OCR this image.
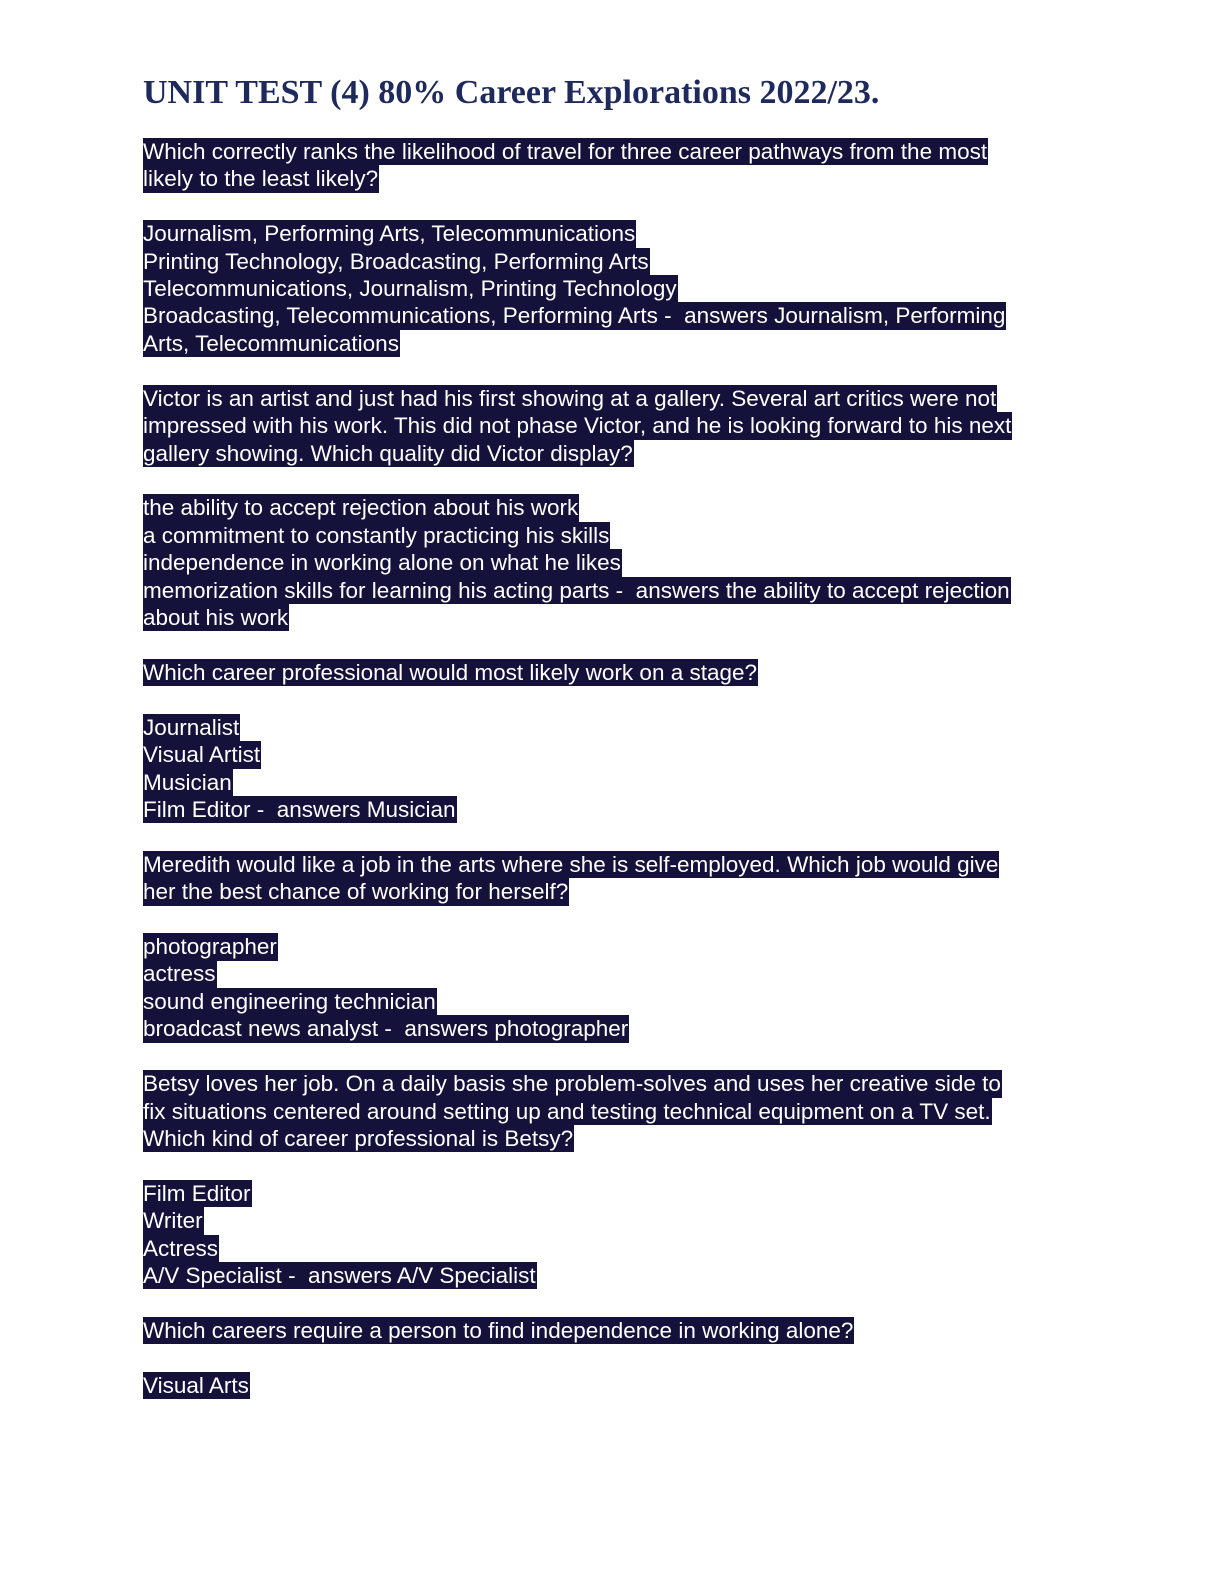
UNIT TEST (4) 80% Career Explorations 2022/23.
Which correctly ranks the likelihood of travel for three career pathways from the most
likely to the least likely?
Journalism, Performing Arts, Telecommunications
Printing Technology, Broadcasting, Performing Arts
Telecommunications, Journalism, Printing Technology
Broadcasting, Telecommunications, Performing Arts -  answers Journalism, Performing
Arts, Telecommunications
Victor is an artist and just had his first showing at a gallery. Several art critics were not
impressed with his work. This did not phase Victor, and he is looking forward to his next
gallery showing. Which quality did Victor display?
the ability to accept rejection about his work
a commitment to constantly practicing his skills
independence in working alone on what he likes
memorization skills for learning his acting parts -  answers the ability to accept rejection
about his work
Which career professional would most likely work on a stage?
Journalist
Visual Artist
Musician
Film Editor -  answers Musician
Meredith would like a job in the arts where she is self-employed. Which job would give
her the best chance of working for herself?
photographer
actress
sound engineering technician
broadcast news analyst -  answers photographer
Betsy loves her job. On a daily basis she problem-solves and uses her creative side to
fix situations centered around setting up and testing technical equipment on a TV set.
Which kind of career professional is Betsy?
Film Editor
Writer
Actress
A/V Specialist -  answers A/V Specialist
Which careers require a person to find independence in working alone?
Visual Arts
